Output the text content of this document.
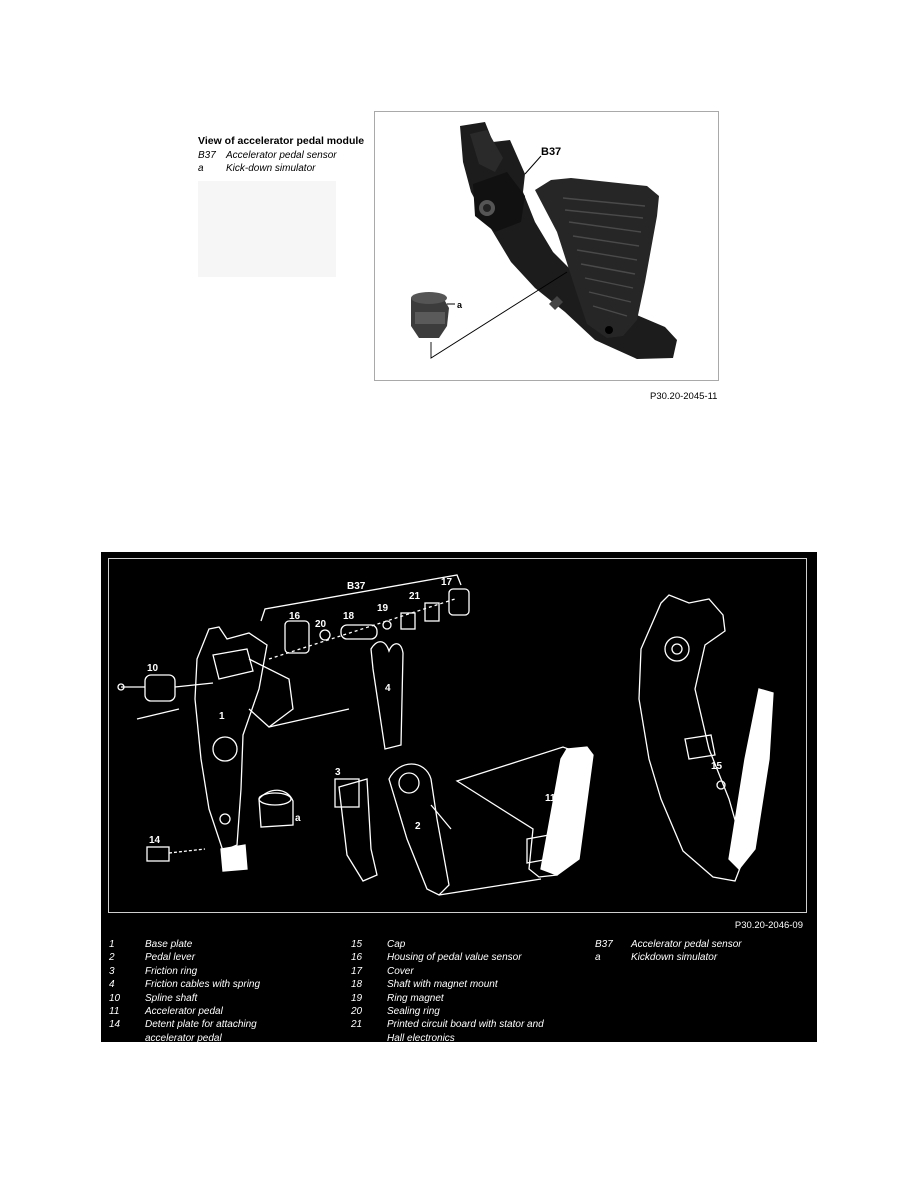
View of accelerator pedal module
B37	Accelerator pedal sensor
a	Kick-down simulator
B37
a
P30.20-2045-11
B37	17
21
19
18
20
16
10
4
1
3
2
11
14
a
15
P30.20-2046-09
1	Base plate
2	Pedal lever
3	Friction ring
4	Friction cables with spring
10	Spline shaft
11	Accelerator pedal
14	Detent plate for attaching
accelerator pedal
15	Cap
16	Housing of pedal value sensor
17	Cover
18	Shaft with magnet mount
19	Ring magnet
20	Sealing ring
21	Printed circuit board with stator and
Hall electronics
B37	Accelerator pedal sensor
a	Kickdown simulator
